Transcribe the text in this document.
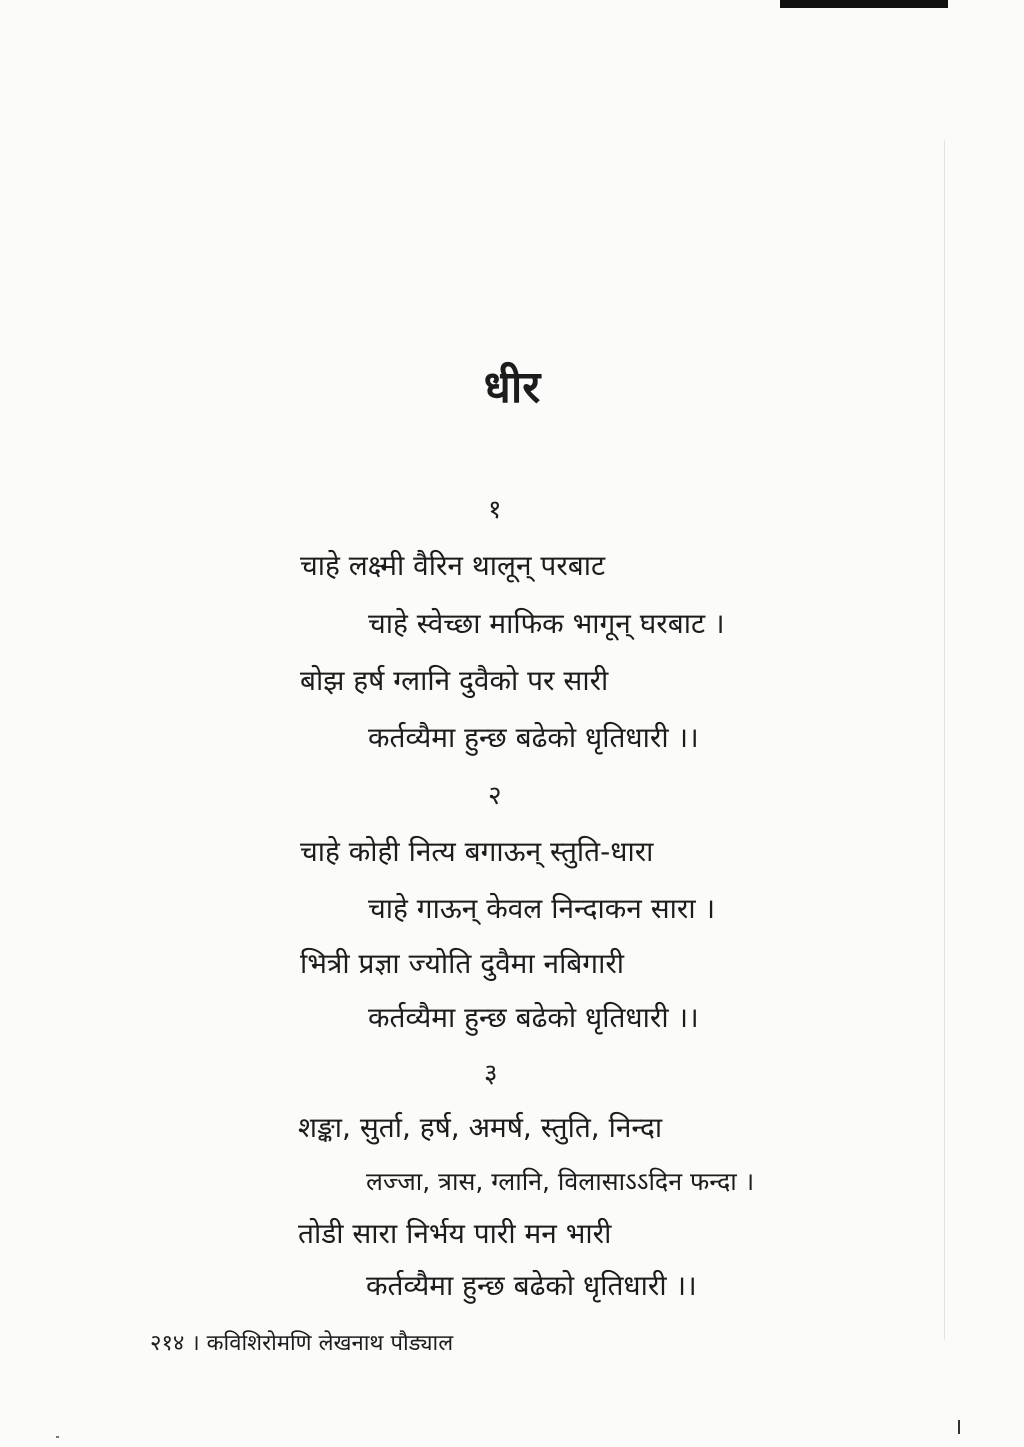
धीर
१
चाहे लक्ष्मी वैरिन थालून् परबाट
चाहे स्वेच्छा माफिक भागून् घरबाट ।
बोझ हर्ष ग्लानि दुवैको पर सारी
कर्तव्यैमा हुन्छ बढेको धृतिधारी ।।
२
चाहे कोही नित्य बगाऊन् स्तुति-धारा
चाहे गाऊन् केवल निन्दाकन सारा ।
भित्री प्रज्ञा ज्योति दुवैमा नबिगारी
कर्तव्यैमा हुन्छ बढेको धृतिधारी ।।
३
शङ्का, सुर्ता, हर्ष, अमर्ष, स्तुति, निन्दा
लज्जा, त्रास, ग्लानि, विलासाऽऽदिन फन्दा ।
तोडी सारा निर्भय पारी मन भारी
कर्तव्यैमा हुन्छ बढेको धृतिधारी ।।
२१४ । कविशिरोमणि लेखनाथ पौड्याल
